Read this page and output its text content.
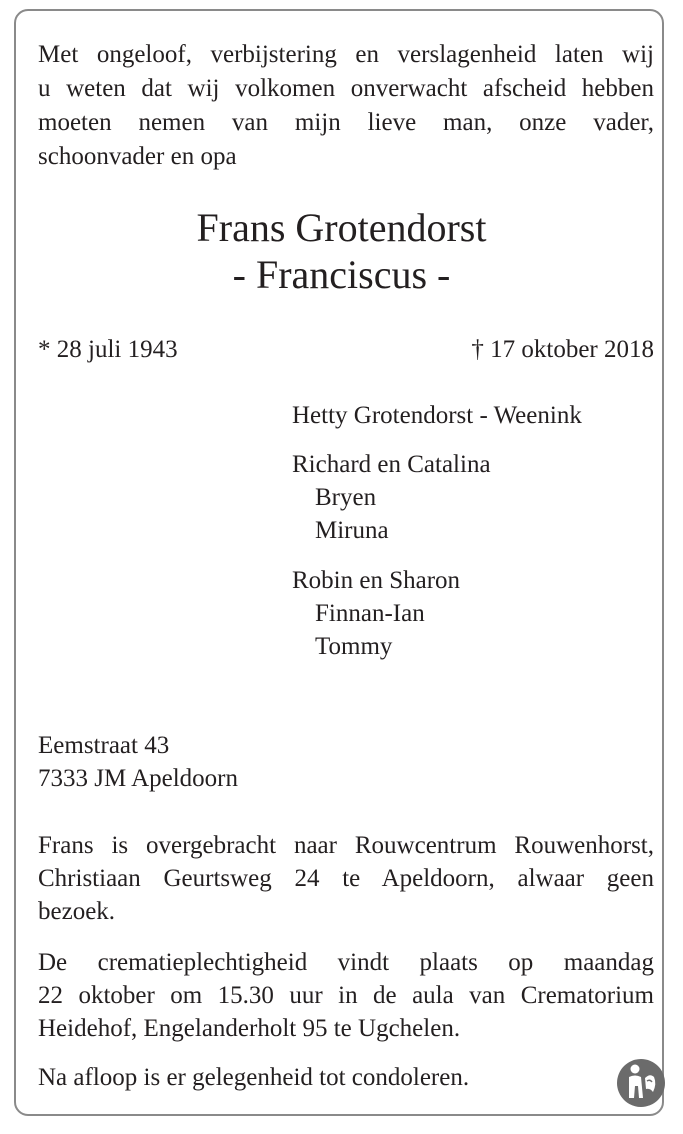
Met ongeloof, verbijstering en verslagenheid laten wij
u weten dat wij volkomen onverwacht afscheid hebben
moeten nemen van mijn lieve man, onze vader,
schoonvader en opa
Frans Grotendorst
- Franciscus -
* 28 juli 1943	† 17 oktober 2018
Hetty Grotendorst - Weenink
Richard en Catalina
Bryen
Miruna
Robin en Sharon
Finnan-Ian
Tommy
Eemstraat 43
7333 JM Apeldoorn
Frans is overgebracht naar Rouwcentrum Rouwenhorst,
Christiaan Geurtsweg 24 te Apeldoorn, alwaar geen
bezoek.
De crematieplechtigheid vindt plaats op maandag
22 oktober om 15.30 uur in de aula van Crematorium
Heidehof, Engelanderholt 95 te Ugchelen.
Na afloop is er gelegenheid tot condoleren.
